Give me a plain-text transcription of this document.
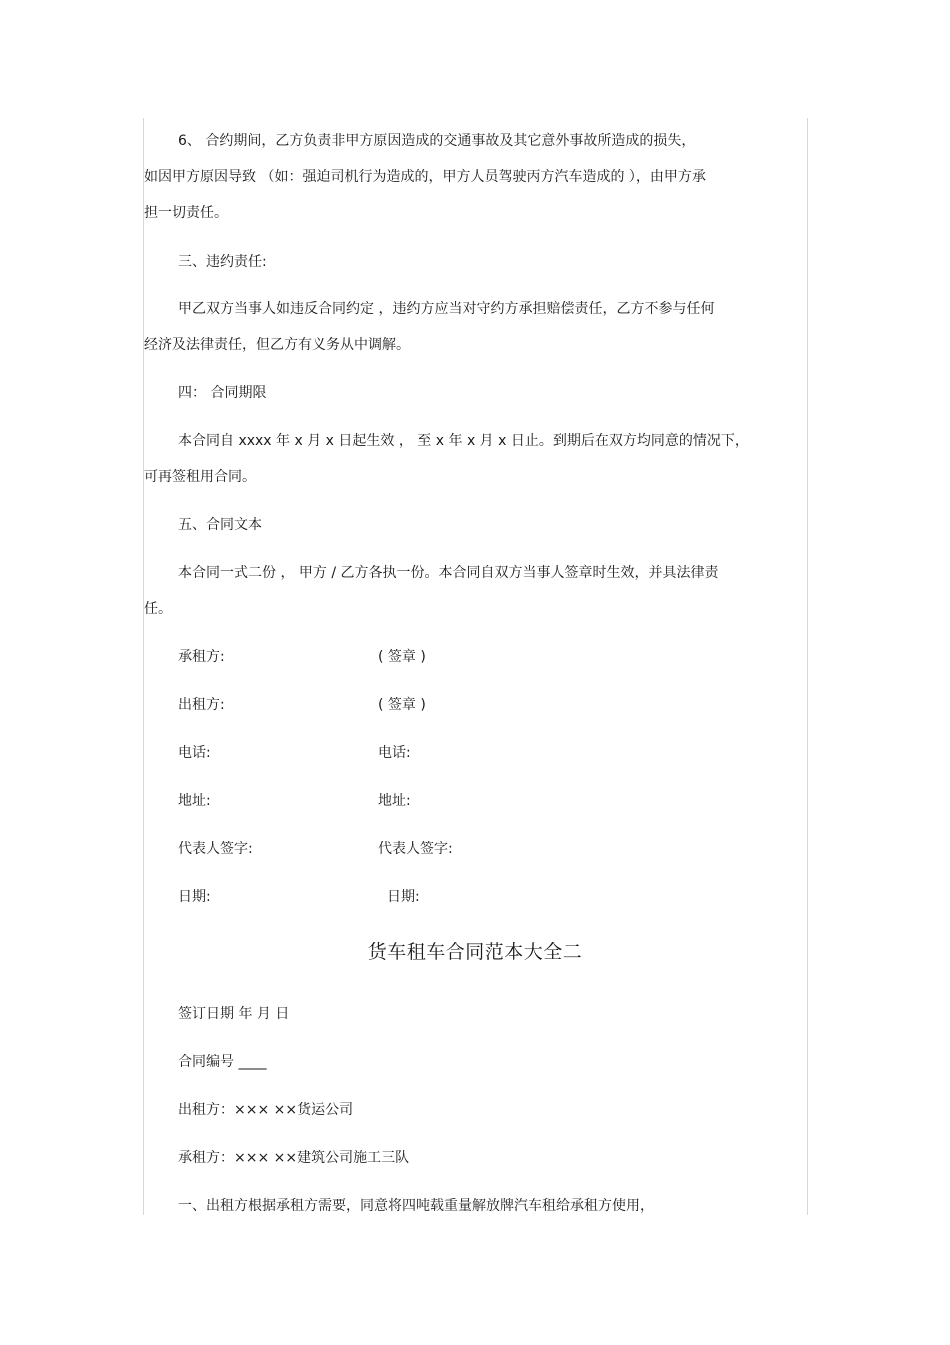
6、 合约期间，乙方负责非甲方原因造成的交通事故及其它意外事故所造成的损失，
如因甲方原因导致 （如：强迫司机行为造成的，甲方人员驾驶丙方汽车造成的 ），由甲方承
担一切责任。
三、违约责任:
甲乙双方当事人如违反合同约定 ，违约方应当对守约方承担赔偿责任，乙方不参与任何
经济及法律责任，但乙方有义务从中调解。
四： 合同期限
本合同自 xxxx 年 x 月 x 日起生效 ， 至 x 年 x 月 x 日止。到期后在双方均同意的情况下，
可再签租用合同。
五、合同文本
本合同一式二份 ， 甲方 / 乙方各执一份。本合同自双方当事人签章时生效，并具法律责
任。
承租方:	( 签章 )
出租方:	( 签章 )
电话:	电话:
地址:	地址:
代表人签字:	代表人签字:
日期:	日期:
货车租车合同范本大全二
签订日期 年 月 日
合同编号 ____
出租方：××× ××货运公司
承租方：××× ××建筑公司施工三队
一、出租方根据承租方需要，同意将四吨载重量解放牌汽车租给承租方使用，
